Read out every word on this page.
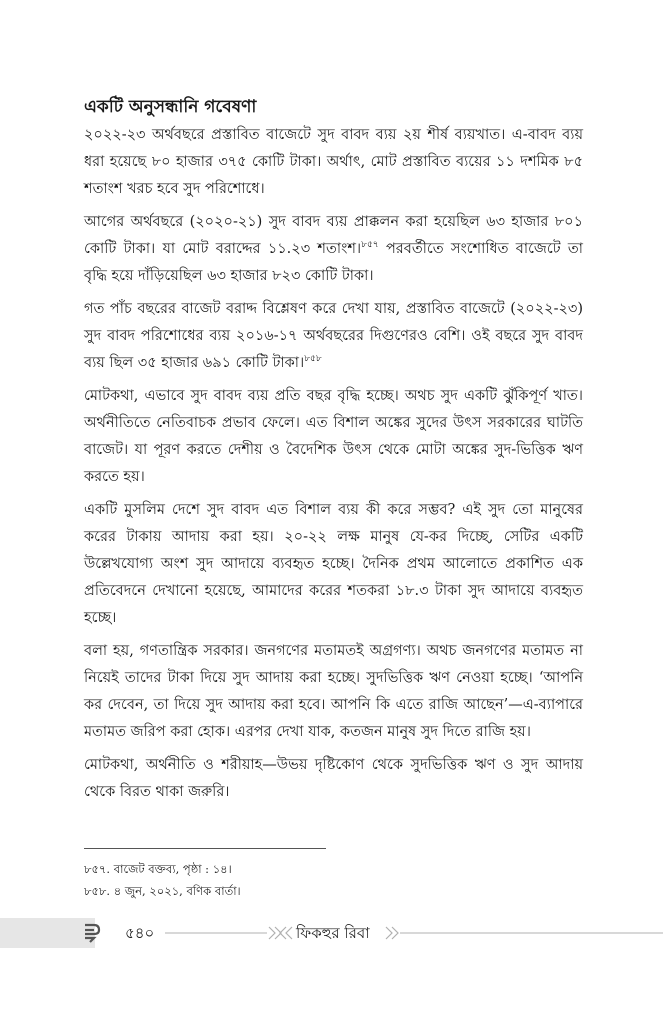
একটি অনুসন্ধানি গবেষণা

২০২২-২৩ অর্থবছরে প্রস্তাবিত বাজেটে সুদ বাবদ ব্যয় ২য় শীর্ষ ব্যয়খাত। এ-বাবদ ব্যয় ধরা হয়েছে ৮০ হাজার ৩৭৫ কোটি টাকা। অর্থাৎ, মোট প্রস্তাবিত ব্যয়ের ১১ দশমিক ৮৫ শতাংশ খরচ হবে সুদ পরিশোধে।

আগের অর্থবছরে (২০২০-২১) সুদ বাবদ ব্যয় প্রাক্কলন করা হয়েছিল ৬৩ হাজার ৮০১ কোটি টাকা। যা মোট বরাদ্দের ১১.২৩ শতাংশ।$^{৮৫৭}$ পরবর্তীতে সংশোধিত বাজেটে তা বৃদ্ধি হয়ে দাঁড়িয়েছিল ৬৩ হাজার ৮২৩ কোটি টাকা।

গত পাঁচ বছরের বাজেট বরাদ্দ বিশ্লেষণ করে দেখা যায়, প্রস্তাবিত বাজেটে (২০২২-২৩) সুদ বাবদ পরিশোধের ব্যয় ২০১৬-১৭ অর্থবছরের দিগুণেরও বেশি। ওই বছরে সুদ বাবদ ব্যয় ছিল ৩৫ হাজার ৬৯১ কোটি টাকা।$^{৮৫৮}$

মোটকথা, এভাবে সুদ বাবদ ব্যয় প্রতি বছর বৃদ্ধি হচ্ছে। অথচ সুদ একটি ঝুঁকিপূর্ণ খাত। অর্থনীতিতে নেতিবাচক প্রভাব ফেলে। এত বিশাল অঙ্কের সুদের উৎস সরকারের ঘাটতি বাজেট। যা পূরণ করতে দেশীয় ও বৈদেশিক উৎস থেকে মোটা অঙ্কের সুদ-ভিত্তিক ঋণ করতে হয়।

একটি মুসলিম দেশে সুদ বাবদ এত বিশাল ব্যয় কী করে সম্ভব? এই সুদ তো মানুষের করের টাকায় আদায় করা হয়। ২০-২২ লক্ষ মানুষ যে-কর দিচ্ছে, সেটির একটি উল্লেখযোগ্য অংশ সুদ আদায়ে ব্যবহৃত হচ্ছে। দৈনিক প্রথম আলোতে প্রকাশিত এক প্রতিবেদনে দেখানো হয়েছে, আমাদের করের শতকরা ১৮.৩ টাকা সুদ আদায়ে ব্যবহৃত হচ্ছে।

বলা হয়, গণতান্ত্রিক সরকার। জনগণের মতামতই অগ্রগণ্য। অথচ জনগণের মতামত না নিয়েই তাদের টাকা দিয়ে সুদ আদায় করা হচ্ছে। সুদভিত্তিক ঋণ নেওয়া হচ্ছে। ‘আপনি কর দেবেন, তা দিয়ে সুদ আদায় করা হবে। আপনি কি এতে রাজি আছেন’—এ-ব্যাপারে মতামত জরিপ করা হোক। এরপর দেখা যাক, কতজন মানুষ সুদ দিতে রাজি হয়।

মোটকথা, অর্থনীতি ও শরীয়াহ—উভয় দৃষ্টিকোণ থেকে সুদভিত্তিক ঋণ ও সুদ আদায় থেকে বিরত থাকা জরুরি।

৮৫৭. বাজেট বক্তব্য, পৃষ্ঠা : ১৪।
৮৫৮. ৪ জুন, ২০২১, বণিক বার্তা।
৫৪০	ফিকহুর রিবা
